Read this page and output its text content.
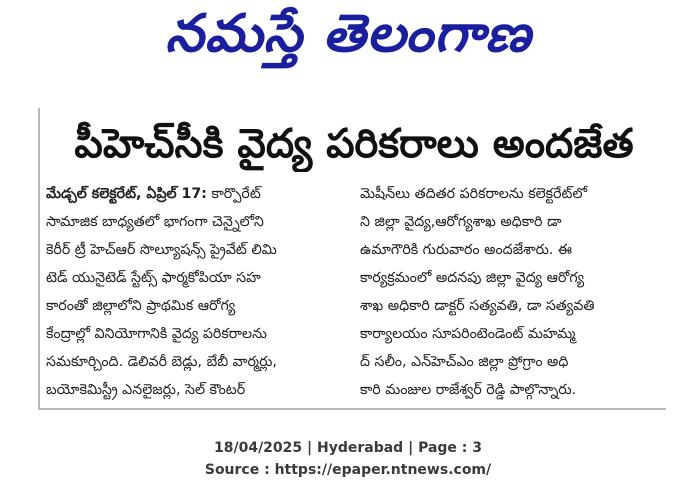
నమస్తే తెలంగాణ
పీహెచ్‌సీకి వైద్య పరికరాలు అందజేత
మేడ్చల్ కలెక్టరేట్, ఏప్రిల్ 17: కార్పొరేట్
సామాజిక బాధ్యతలో భాగంగా చెన్నైలోని
కెరీర్ ట్రీ హెచ్ఆర్ సొల్యూషన్స్ ప్రైవేట్ లిమి
టెడ్ యునైటెడ్ స్టేట్స్ ఫార్మకోపియా సహ
కారంతో జిల్లాలోని ప్రాథమిక ఆరోగ్య
కేంద్రాల్లో వినియోగానికి వైద్య పరికరాలను
సమకూర్చింది. డెలివరీ బెడ్లు, బేబీ వార్మర్లు,
బయోకెమిస్ట్రీ ఎనలైజర్లు, సెల్ కౌంటర్
మెషీన్‌లు తదితర పరికరాలను కలెక్టరేట్‌లో
ని జిల్లా వైద్య,ఆరోగ్యశాఖ అధికారి డా
ఉమాగౌరికి గురువారం అందజేశారు. ఈ
కార్యక్రమంలో అదనపు జిల్లా వైద్య ఆరోగ్య
శాఖ అధికారి డాక్టర్ సత్యవతి, డా సత్యవతి
కార్యాలయం సూపరింటెండెంట్ మహమ్మ
ద్ సలీం, ఎన్‌హెచ్ఎం జిల్లా ప్రోగ్రాం అధి
కారి మంజుల రాజేశ్వర్ రెడ్డి పాల్గొన్నారు.
18/04/2025 | Hyderabad | Page : 3
Source : https://epaper.ntnews.com/
